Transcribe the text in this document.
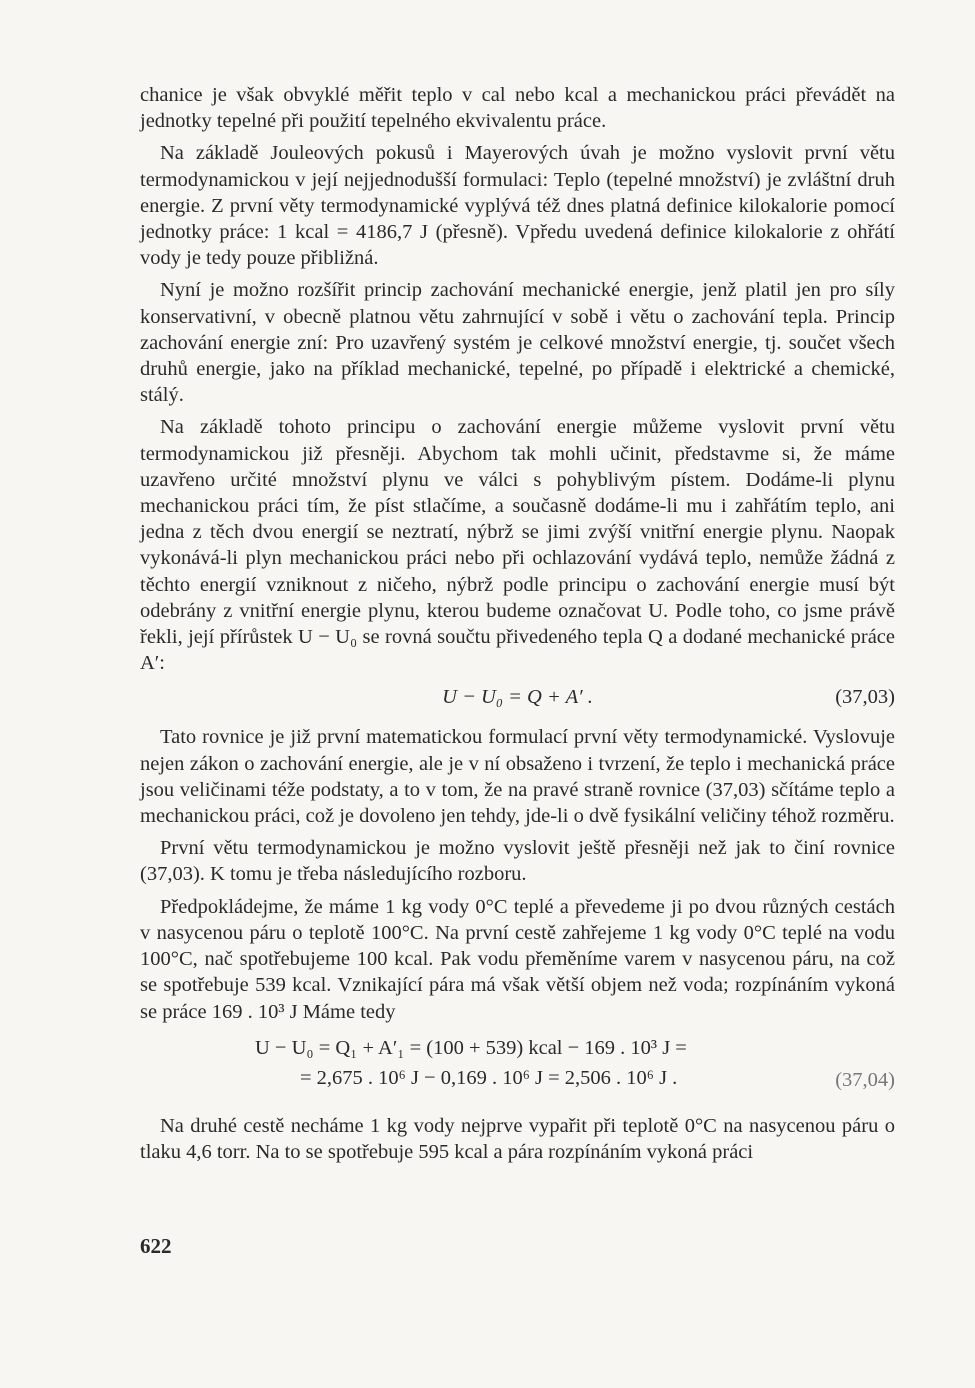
chanice je však obvyklé měřit teplo v cal nebo kcal a mechanickou práci převádět na jednotky tepelné při použití tepelného ekvivalentu práce.

Na základě Jouleových pokusů i Mayerových úvah je možno vyslovit první větu termodynamickou v její nejjednodušší formulaci: Teplo (tepelné množství) je zvláštní druh energie. Z první věty termodynamické vyplývá též dnes platná definice kilokalorie pomocí jednotky práce: 1 kcal = 4186,7 J (přesně). Vpředu uvedená definice kilokalorie z ohřátí vody je tedy pouze přibližná.

Nyní je možno rozšířit princip zachování mechanické energie, jenž platil jen pro síly konservativní, v obecně platnou větu zahrnující v sobě i větu o zachování tepla. Princip zachování energie zní: Pro uzavřený systém je celkové množství energie, tj. součet všech druhů energie, jako na příklad mechanické, tepelné, po případě i elektrické a chemické, stálý.

Na základě tohoto principu o zachování energie můžeme vyslovit první větu termodynamickou již přesněji. Abychom tak mohli učinit, představme si, že máme uzavřeno určité množství plynu ve válci s pohyblivým pístem. Dodáme-li plynu mechanickou práci tím, že píst stlačíme, a současně dodáme-li mu i zahřátím teplo, ani jedna z těch dvou energií se neztratí, nýbrž se jimi zvýší vnitřní energie plynu. Naopak vykonává-li plyn mechanickou práci nebo při ochlazování vydává teplo, nemůže žádná z těchto energií vzniknout z ničeho, nýbrž podle principu o zachování energie musí být odebrány z vnitřní energie plynu, kterou budeme označovat U. Podle toho, co jsme právě řekli, její přírůstek U − U₀ se rovná součtu přivedeného tepla Q a dodané mechanické práce A′:

U − U₀ = Q + A′ .	(37,03)

Tato rovnice je již první matematickou formulací první věty termodynamické. Vyslovuje nejen zákon o zachování energie, ale je v ní obsaženo i tvrzení, že teplo i mechanická práce jsou veličinami téže podstaty, a to v tom, že na pravé straně rovnice (37,03) sčítáme teplo a mechanickou práci, což je dovoleno jen tehdy, jde-li o dvě fysikální veličiny téhož rozměru.

První větu termodynamickou je možno vyslovit ještě přesněji než jak to činí rovnice (37,03). K tomu je třeba následujícího rozboru.

Předpokládejme, že máme 1 kg vody 0°C teplé a převedeme ji po dvou různých cestách v nasycenou páru o teplotě 100°C. Na první cestě zahřejeme 1 kg vody 0°C teplé na vodu 100°C, nač spotřebujeme 100 kcal. Pak vodu přeměníme varem v nasycenou páru, na což se spotřebuje 539 kcal. Vznikající pára má však větší objem než voda; rozpínáním vykoná se práce 169 . 10³ J Máme tedy

U − U₀ = Q₁ + A′₁ = (100 + 539) kcal − 169 . 10³ J =
= 2,675 . 10⁶ J − 0,169 . 10⁶ J = 2,506 . 10⁶ J .	(37,04)

Na druhé cestě necháme 1 kg vody nejprve vypařit při teplotě 0°C na nasycenou páru o tlaku 4,6 torr. Na to se spotřebuje 595 kcal a pára rozpínáním vykoná práci

622
